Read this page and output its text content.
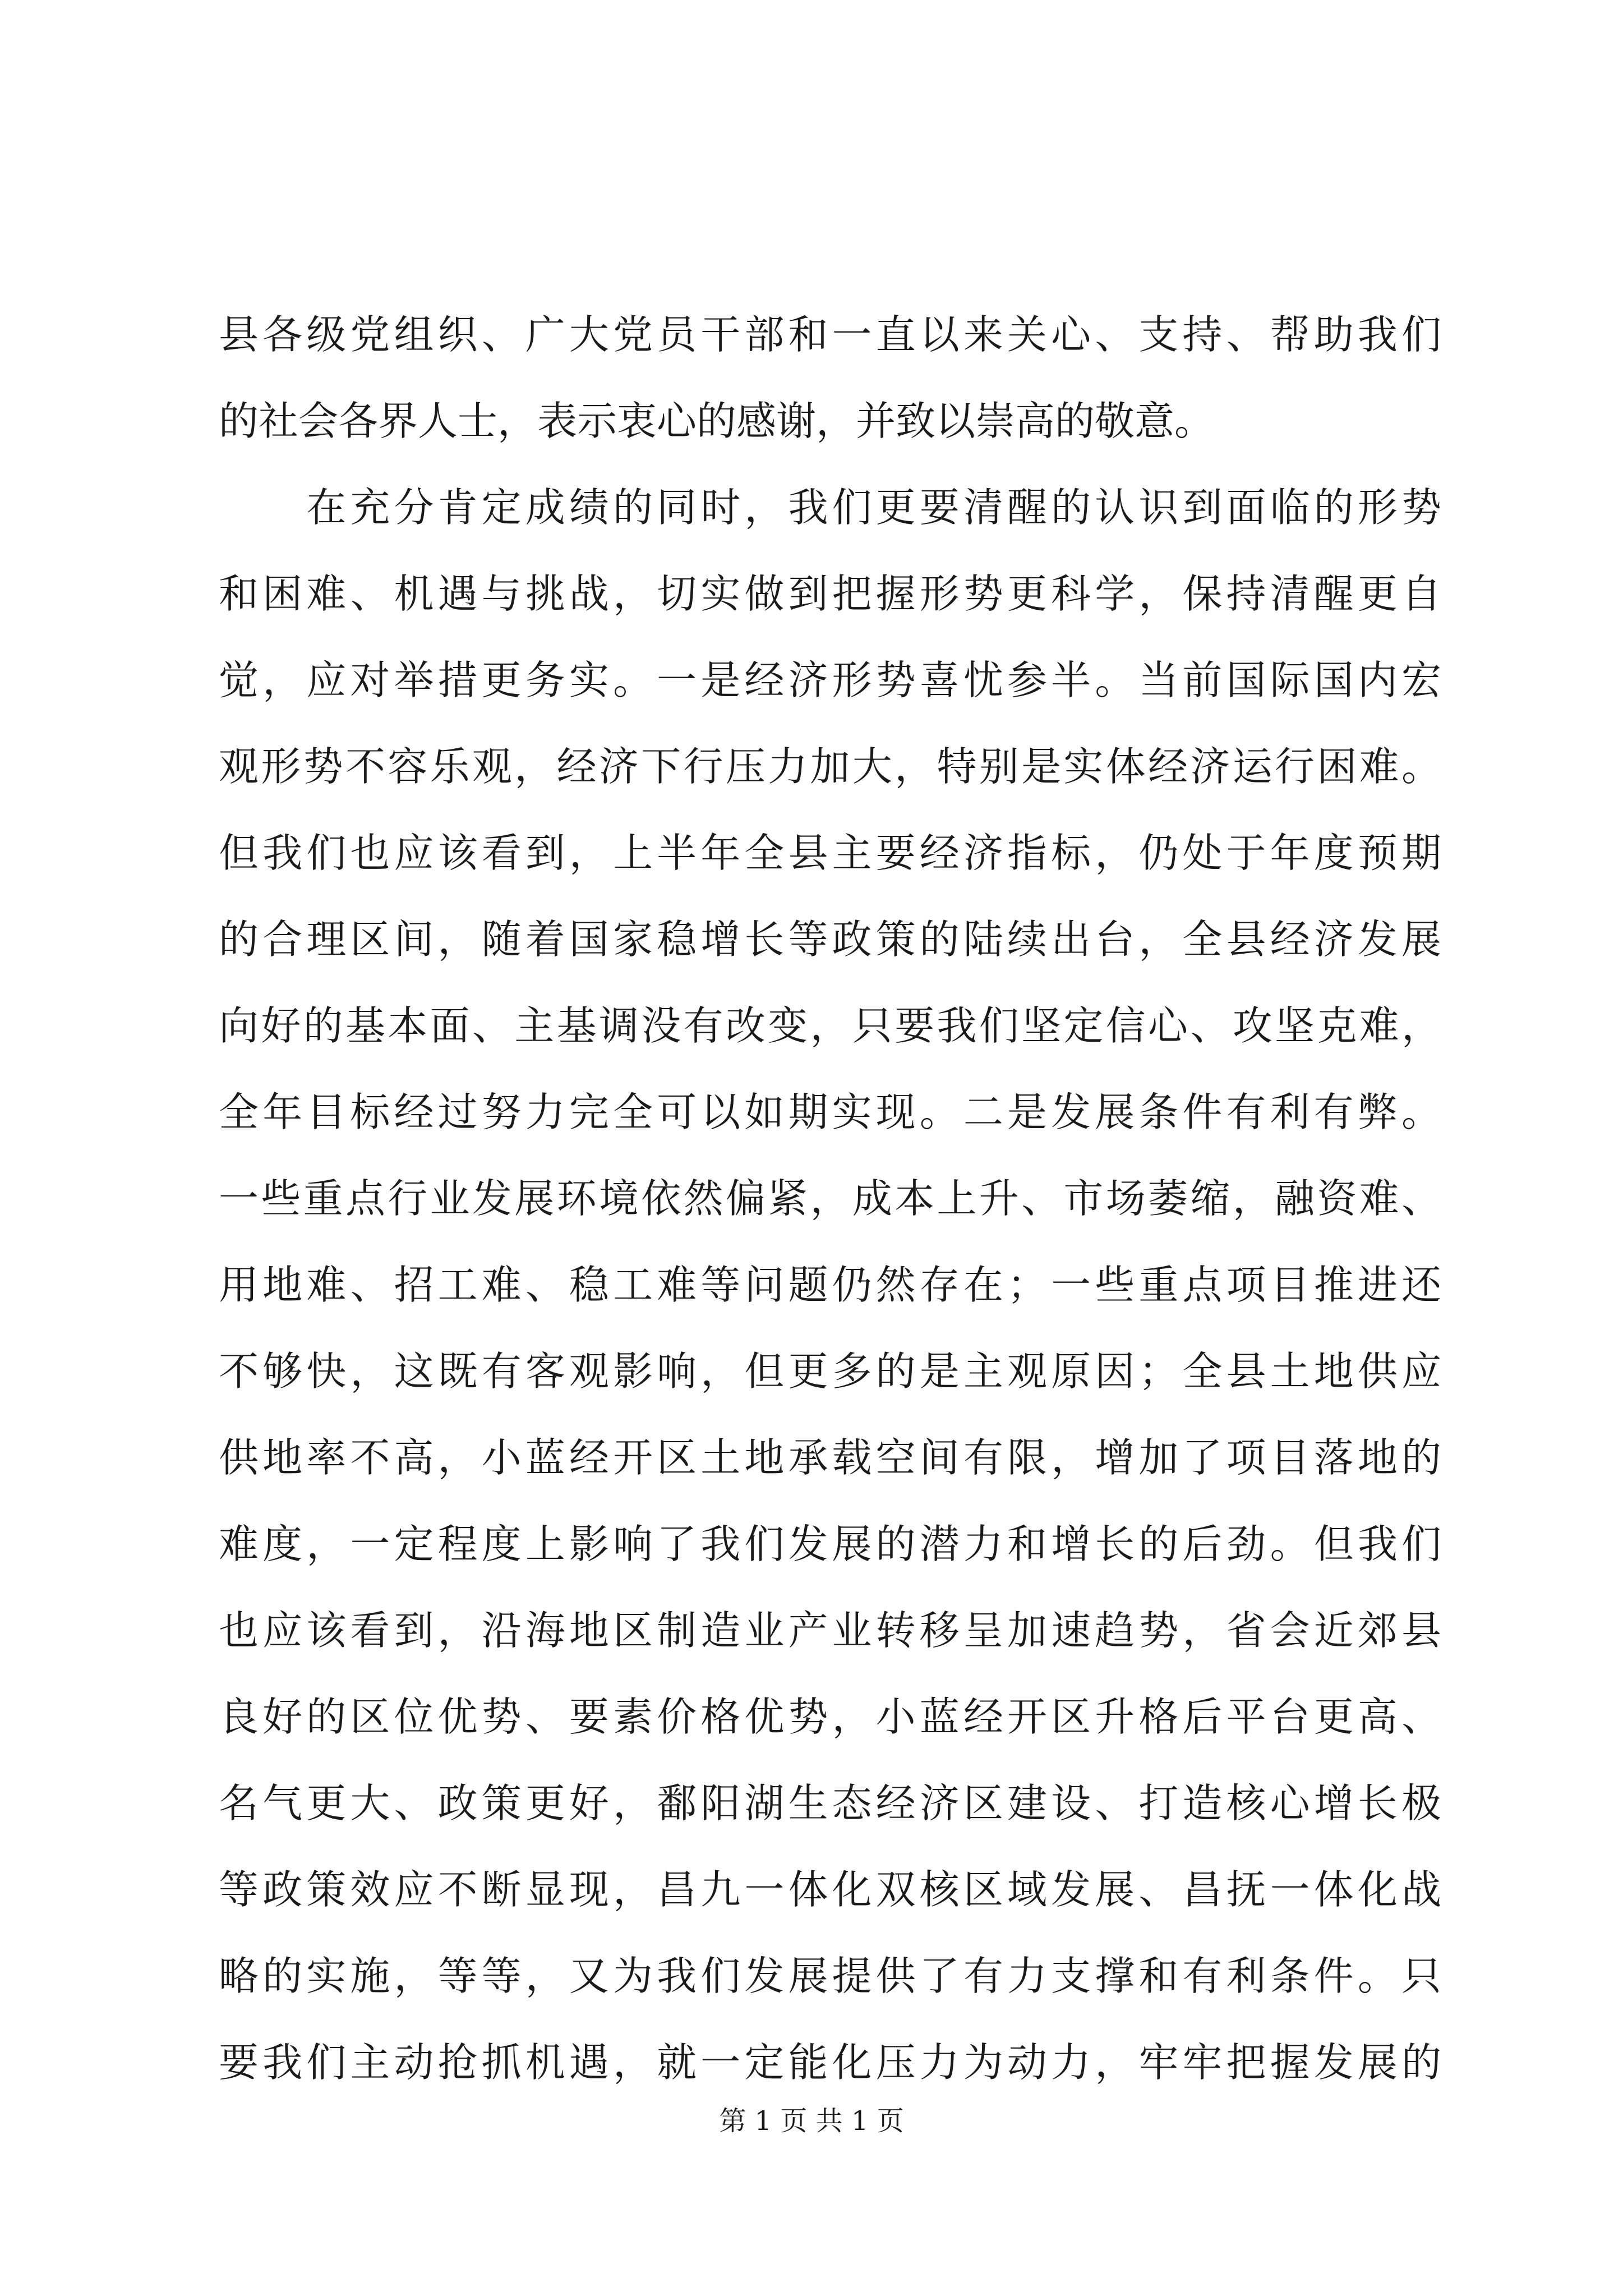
县各级党组织、广大党员干部和一直以来关心、支持、帮助我们
的社会各界人士，表示衷心的感谢，并致以崇高的敬意。
　　在充分肯定成绩的同时，我们更要清醒的认识到面临的形势
和困难、机遇与挑战，切实做到把握形势更科学，保持清醒更自
觉，应对举措更务实。一是经济形势喜忧参半。当前国际国内宏
观形势不容乐观，经济下行压力加大，特别是实体经济运行困难。
但我们也应该看到，上半年全县主要经济指标，仍处于年度预期
的合理区间，随着国家稳增长等政策的陆续出台，全县经济发展
向好的基本面、主基调没有改变，只要我们坚定信心、攻坚克难，
全年目标经过努力完全可以如期实现。二是发展条件有利有弊。
一些重点行业发展环境依然偏紧，成本上升、市场萎缩，融资难、
用地难、招工难、稳工难等问题仍然存在；一些重点项目推进还
不够快，这既有客观影响，但更多的是主观原因；全县土地供应
供地率不高，小蓝经开区土地承载空间有限，增加了项目落地的
难度，一定程度上影响了我们发展的潜力和增长的后劲。但我们
也应该看到，沿海地区制造业产业转移呈加速趋势，省会近郊县
良好的区位优势、要素价格优势，小蓝经开区升格后平台更高、
名气更大、政策更好，鄱阳湖生态经济区建设、打造核心增长极
等政策效应不断显现，昌九一体化双核区域发展、昌抚一体化战
略的实施，等等，又为我们发展提供了有力支撑和有利条件。只
要我们主动抢抓机遇，就一定能化压力为动力，牢牢把握发展的
第 1 页 共 1 页
